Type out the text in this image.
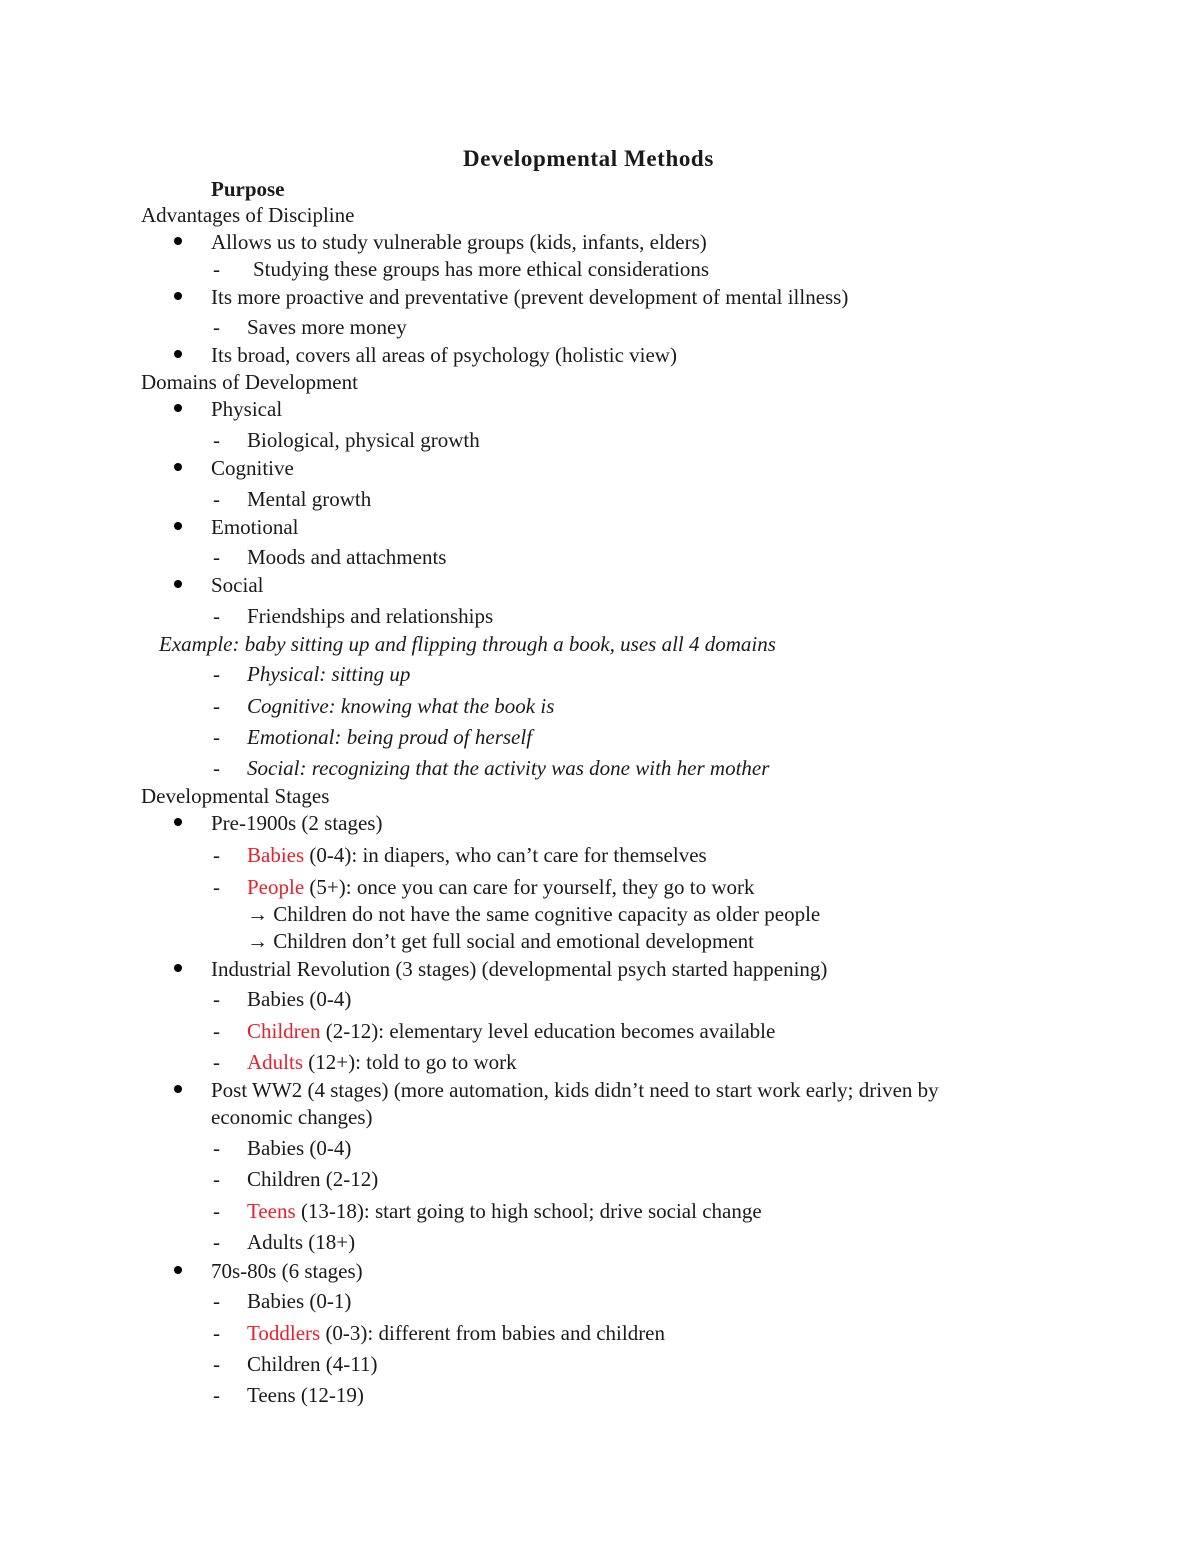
Developmental Methods
Purpose
Advantages of Discipline
Allows us to study vulnerable groups (kids, infants, elders)
- Studying these groups has more ethical considerations
Its more proactive and preventative (prevent development of mental illness)
- Saves more money
Its broad, covers all areas of psychology (holistic view)
Domains of Development
Physical
- Biological, physical growth
Cognitive
- Mental growth
Emotional
- Moods and attachments
Social
- Friendships and relationships
Example: baby sitting up and flipping through a book, uses all 4 domains
- Physical: sitting up
- Cognitive: knowing what the book is
- Emotional: being proud of herself
- Social: recognizing that the activity was done with her mother
Developmental Stages
Pre-1900s (2 stages)
- Babies (0-4): in diapers, who can’t care for themselves
- People (5+): once you can care for yourself, they go to work
→ Children do not have the same cognitive capacity as older people
→ Children don’t get full social and emotional development
Industrial Revolution (3 stages) (developmental psych started happening)
- Babies (0-4)
- Children (2-12): elementary level education becomes available
- Adults (12+): told to go to work
Post WW2 (4 stages) (more automation, kids didn’t need to start work early; driven by
economic changes)
- Babies (0-4)
- Children (2-12)
- Teens (13-18): start going to high school; drive social change
- Adults (18+)
70s-80s (6 stages)
- Babies (0-1)
- Toddlers (0-3): different from babies and children
- Children (4-11)
- Teens (12-19)
